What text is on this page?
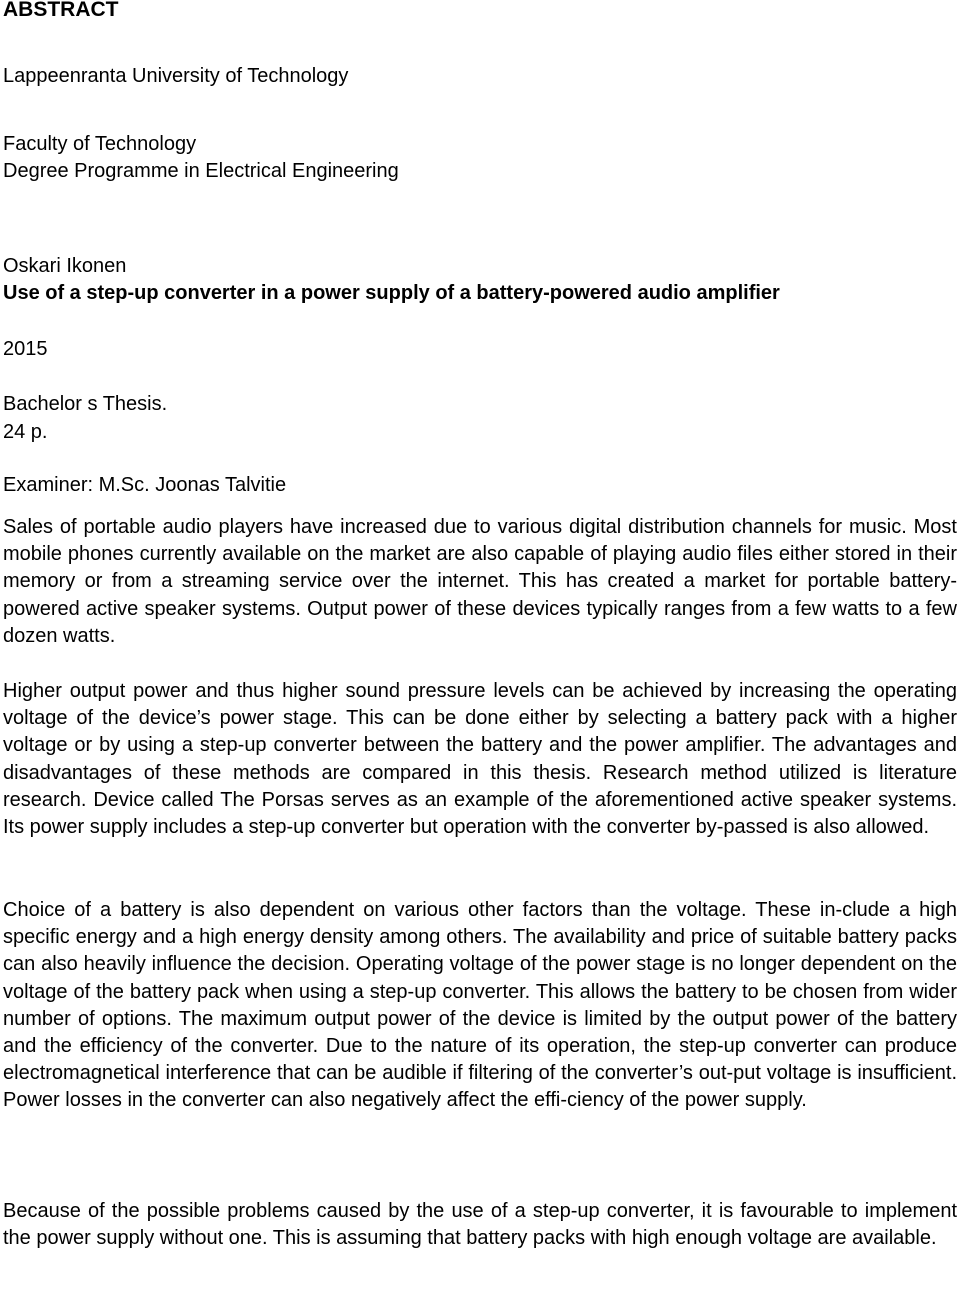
ABSTRACT
Lappeenranta University of Technology
Faculty of Technology
Degree Programme in Electrical Engineering
Oskari Ikonen
Use of a step-up converter in a power supply of a battery-powered audio amplifier
2015
Bachelor s Thesis.
24 p.
Examiner: M.Sc. Joonas Talvitie

Sales of portable audio players have increased due to various digital distribution channels for music. Most mobile phones currently available on the market are also capable of playing audio files either stored in their memory or from a streaming service over the internet. This has created a market for portable battery-powered active speaker systems. Output power of these devices typically ranges from a few watts to a few dozen watts.

Higher output power and thus higher sound pressure levels can be achieved by increasing the operating voltage of the device’s power stage. This can be done either by selecting a battery pack with a higher voltage or by using a step-up converter between the battery and the power amplifier. The advantages and disadvantages of these methods are compared in this thesis. Research method utilized is literature research. Device called The Porsas serves as an example of the aforementioned active speaker systems. Its power supply includes a step-up converter but operation with the converter by-passed is also allowed.

Choice of a battery is also dependent on various other factors than the voltage. These in-clude a high specific energy and a high energy density among others. The availability and price of suitable battery packs can also heavily influence the decision. Operating voltage of the power stage is no longer dependent on the voltage of the battery pack when using a step-up converter. This allows the battery to be chosen from wider number of options. The maximum output power of the device is limited by the output power of the battery and the efficiency of the converter. Due to the nature of its operation, the step-up converter can produce electromagnetical interference that can be audible if filtering of the converter’s out-put voltage is insufficient. Power losses in the converter can also negatively affect the effi-ciency of the power supply.

Because of the possible problems caused by the use of a step-up converter, it is favourable to implement the power supply without one. This is assuming that battery packs with high enough voltage are available.
